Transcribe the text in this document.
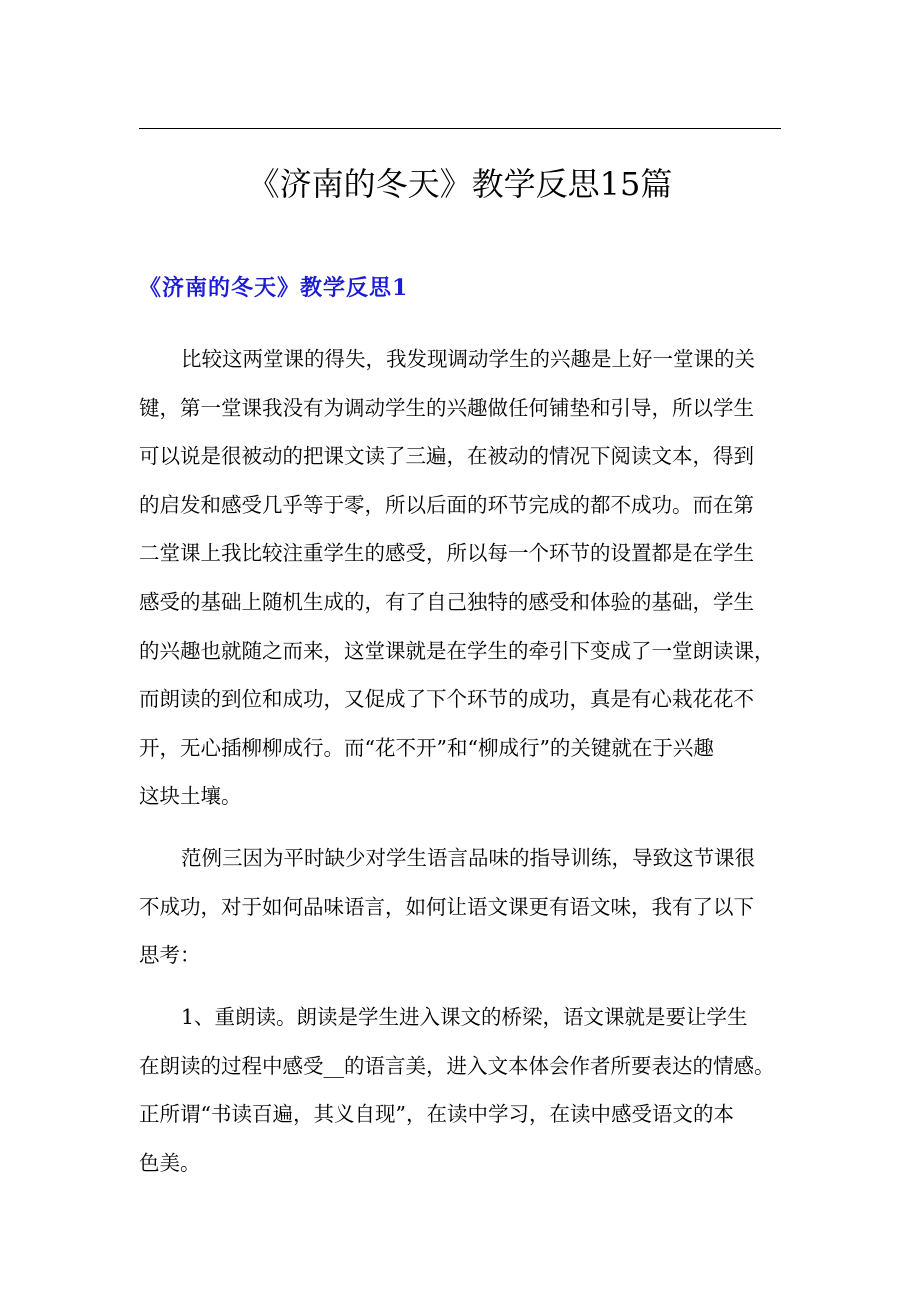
《济南的冬天》教学反思15篇
《济南的冬天》教学反思1
比较这两堂课的得失，我发现调动学生的兴趣是上好一堂课的关
键，第一堂课我没有为调动学生的兴趣做任何铺垫和引导，所以学生
可以说是很被动的把课文读了三遍，在被动的情况下阅读文本，得到
的启发和感受几乎等于零，所以后面的环节完成的都不成功。而在第
二堂课上我比较注重学生的感受，所以每一个环节的设置都是在学生
感受的基础上随机生成的，有了自己独特的感受和体验的基础，学生
的兴趣也就随之而来，这堂课就是在学生的牵引下变成了一堂朗读课，
而朗读的到位和成功，又促成了下个环节的成功，真是有心栽花花不
开，无心插柳柳成行。而“花不开”和“柳成行”的关键就在于兴趣
这块土壤。
范例三因为平时缺少对学生语言品味的指导训练，导致这节课很
不成功，对于如何品味语言，如何让语文课更有语文味，我有了以下
思考：
1、重朗读。朗读是学生进入课文的桥梁，语文课就是要让学生
在朗读的过程中感受__的语言美，进入文本体会作者所要表达的情感。
正所谓“书读百遍，其义自现”，在读中学习，在读中感受语文的本
色美。
